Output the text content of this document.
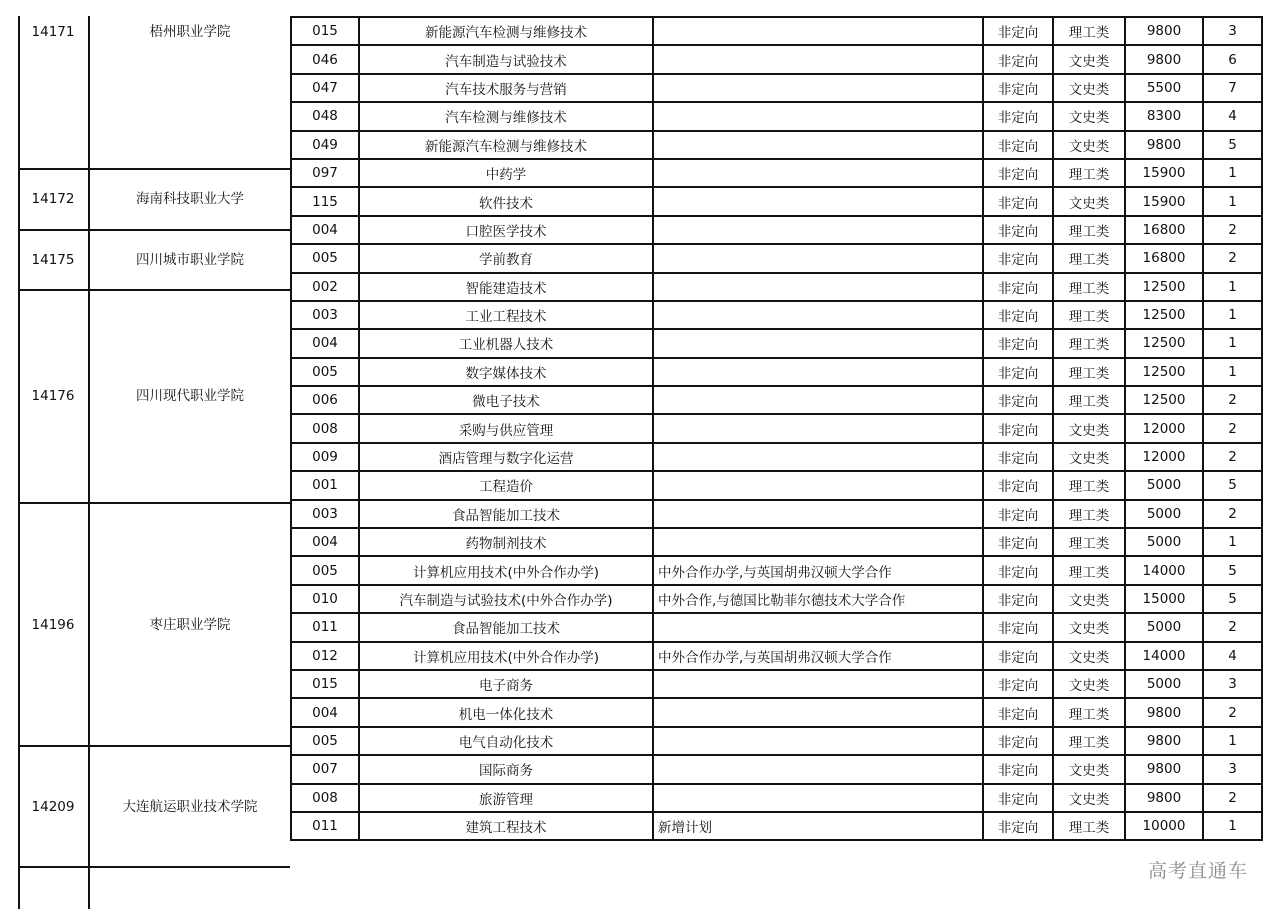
14171	梧州职业学院
14172	海南科技职业大学
14175	四川城市职业学院
14176	四川现代职业学院
14196	枣庄职业学院
14209	大连航运职业技术学院
015	新能源汽车检测与维修技术		非定向	理工类	9800	3
046	汽车制造与试验技术		非定向	文史类	9800	6
047	汽车技术服务与营销		非定向	文史类	5500	7
048	汽车检测与维修技术		非定向	文史类	8300	4
049	新能源汽车检测与维修技术		非定向	文史类	9800	5
097	中药学		非定向	理工类	15900	1
115	软件技术		非定向	文史类	15900	1
004	口腔医学技术		非定向	理工类	16800	2
005	学前教育		非定向	理工类	16800	2
002	智能建造技术		非定向	理工类	12500	1
003	工业工程技术		非定向	理工类	12500	1
004	工业机器人技术		非定向	理工类	12500	1
005	数字媒体技术		非定向	理工类	12500	1
006	微电子技术		非定向	理工类	12500	2
008	采购与供应管理		非定向	文史类	12000	2
009	酒店管理与数字化运营		非定向	文史类	12000	2
001	工程造价		非定向	理工类	5000	5
003	食品智能加工技术		非定向	理工类	5000	2
004	药物制剂技术		非定向	理工类	5000	1
005	计算机应用技术(中外合作办学)	中外合作办学,与英国胡弗汉顿大学合作	非定向	理工类	14000	5
010	汽车制造与试验技术(中外合作办学)	中外合作,与德国比勒菲尔德技术大学合作	非定向	文史类	15000	5
011	食品智能加工技术		非定向	文史类	5000	2
012	计算机应用技术(中外合作办学)	中外合作办学,与英国胡弗汉顿大学合作	非定向	文史类	14000	4
015	电子商务		非定向	文史类	5000	3
004	机电一体化技术		非定向	理工类	9800	2
005	电气自动化技术		非定向	理工类	9800	1
007	国际商务		非定向	文史类	9800	3
008	旅游管理		非定向	文史类	9800	2
011	建筑工程技术	新增计划	非定向	理工类	10000	1
高考直通车
